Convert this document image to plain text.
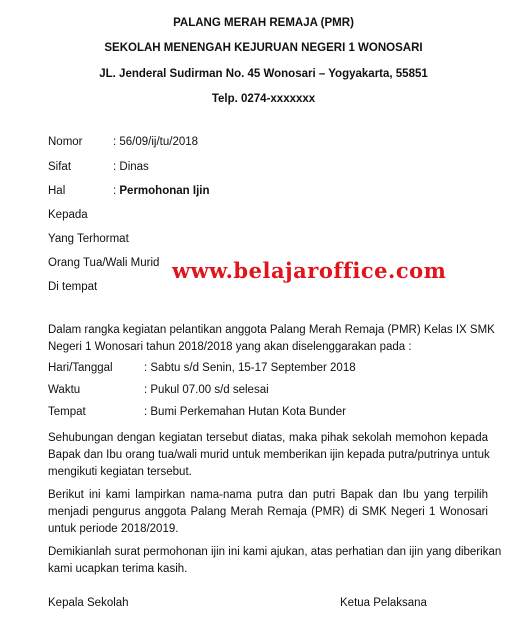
PALANG MERAH REMAJA (PMR)
SEKOLAH MENENGAH KEJURUAN NEGERI 1 WONOSARI
JL. Jenderal Sudirman No. 45 Wonosari – Yogyakarta, 55851
Telp. 0274-xxxxxxx
Nomor	: 56/09/ij/tu/2018
Sifat	: Dinas
Hal	: Permohonan Ijin
Kepada
Yang Terhormat
Orang Tua/Wali Murid
Di tempat
www.belajaroffice.com
Dalam rangka kegiatan pelantikan anggota Palang Merah Remaja (PMR) Kelas IX SMK
Negeri 1 Wonosari tahun 2018/2018 yang akan diselenggarakan pada :
Hari/Tanggal	: Sabtu s/d Senin, 15-17 September 2018
Waktu	: Pukul 07.00 s/d selesai
Tempat	: Bumi Perkemahan Hutan Kota Bunder
Sehubungan dengan kegiatan tersebut diatas, maka pihak sekolah memohon kepada
Bapak dan Ibu orang tua/wali murid untuk memberikan ijin kepada putra/putrinya untuk
mengikuti kegiatan tersebut.
Berikut ini kami lampirkan nama-nama putra dan putri Bapak dan Ibu yang terpilih
menjadi pengurus anggota Palang Merah Remaja (PMR) di SMK Negeri 1 Wonosari
untuk periode 2018/2019.
Demikianlah surat permohonan ijin ini kami ajukan, atas perhatian dan ijin yang diberikan
kami ucapkan terima kasih.
Kepala Sekolah	Ketua Pelaksana
